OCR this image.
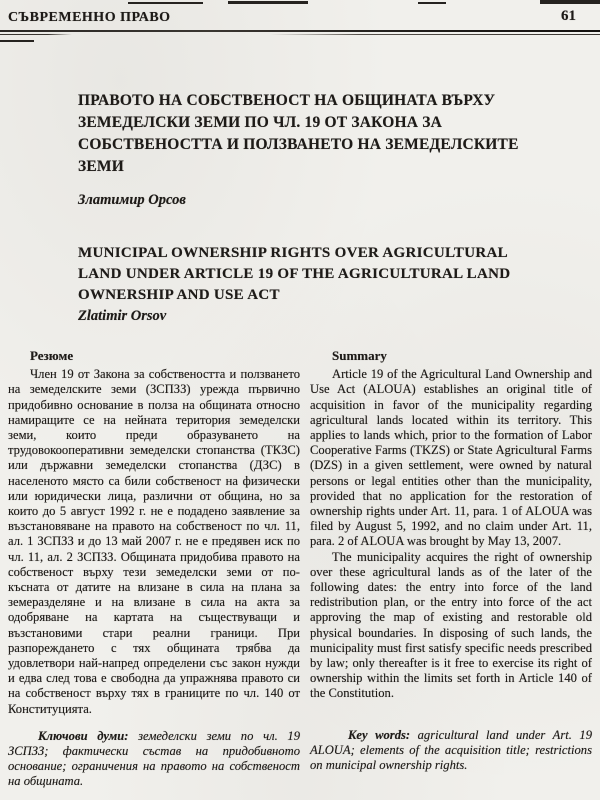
СЪВРЕМЕННО ПРАВО	61
ПРАВОТО НА СОБСТВЕНОСТ НА ОБЩИНАТА ВЪРХУ
ЗЕМЕДЕЛСКИ ЗЕМИ ПО ЧЛ. 19 ОТ ЗАКОНА ЗА
СОБСТВЕНОСТТА И ПОЛЗВАНЕТО НА ЗЕМЕДЕЛСКИТЕ
ЗЕМИ
Златимир Орсов
MUNICIPAL OWNERSHIP RIGHTS OVER AGRICULTURAL
LAND UNDER ARTICLE 19 OF THE AGRICULTURAL LAND
OWNERSHIP AND USE ACT
Zlatimir Orsov
Резюме

Член 19 от Закона за собствеността и ползването на земеделските земи (ЗСПЗЗ) урежда първично придобивно основание в полза на общината относно намиращите се на нейната територия земеделски земи, които преди образуването на трудовокооперативни земеделски стопанства (ТКЗС) или държавни земеделски стопанства (ДЗС) в населеното място са били собственост на физически или юридически лица, различни от община, но за които до 5 август 1992 г. не е подадено заявление за възстановяване на правото на собственост по чл. 11, ал. 1 ЗСПЗЗ и до 13 май 2007 г. не е предявен иск по чл. 11, ал. 2 ЗСПЗЗ. Общината придобива правото на собственост върху тези земеделски земи от по-късната от датите на влизане в сила на плана за земеразделяне и на влизане в сила на акта за одобряване на картата на съществуващи и възстановими стари реални граници. При разпореждането с тях общината трябва да удовлетвори най-напред определени със закон нужди и едва след това е свободна да упражнява правото си на собственост върху тях в границите по чл. 140 от Конституцията.

Ключови думи: земеделски земи по чл. 19 ЗСПЗЗ; фактически състав на придобивното основание; ограничения на правото на собственост на общината.

Summary

Article 19 of the Agricultural Land Ownership and Use Act (ALOUA) establishes an original title of acquisition in favor of the municipality regarding agricultural lands located within its territory. This applies to lands which, prior to the formation of Labor Cooperative Farms (TKZS) or State Agricultural Farms (DZS) in a given settlement, were owned by natural persons or legal entities other than the municipality, provided that no application for the restoration of ownership rights under Art. 11, para. 1 of ALOUA was filed by August 5, 1992, and no claim under Art. 11, para. 2 of ALOUA was brought by May 13, 2007.

The municipality acquires the right of ownership over these agricultural lands as of the later of the following dates: the entry into force of the land redistribution plan, or the entry into force of the act approving the map of existing and restorable old physical boundaries. In disposing of such lands, the municipality must first satisfy specific needs prescribed by law; only thereafter is it free to exercise its right of ownership within the limits set forth in Article 140 of the Constitution.

Key words: agricultural land under Art. 19 ALOUA; elements of the acquisition title; restrictions on municipal ownership rights.
